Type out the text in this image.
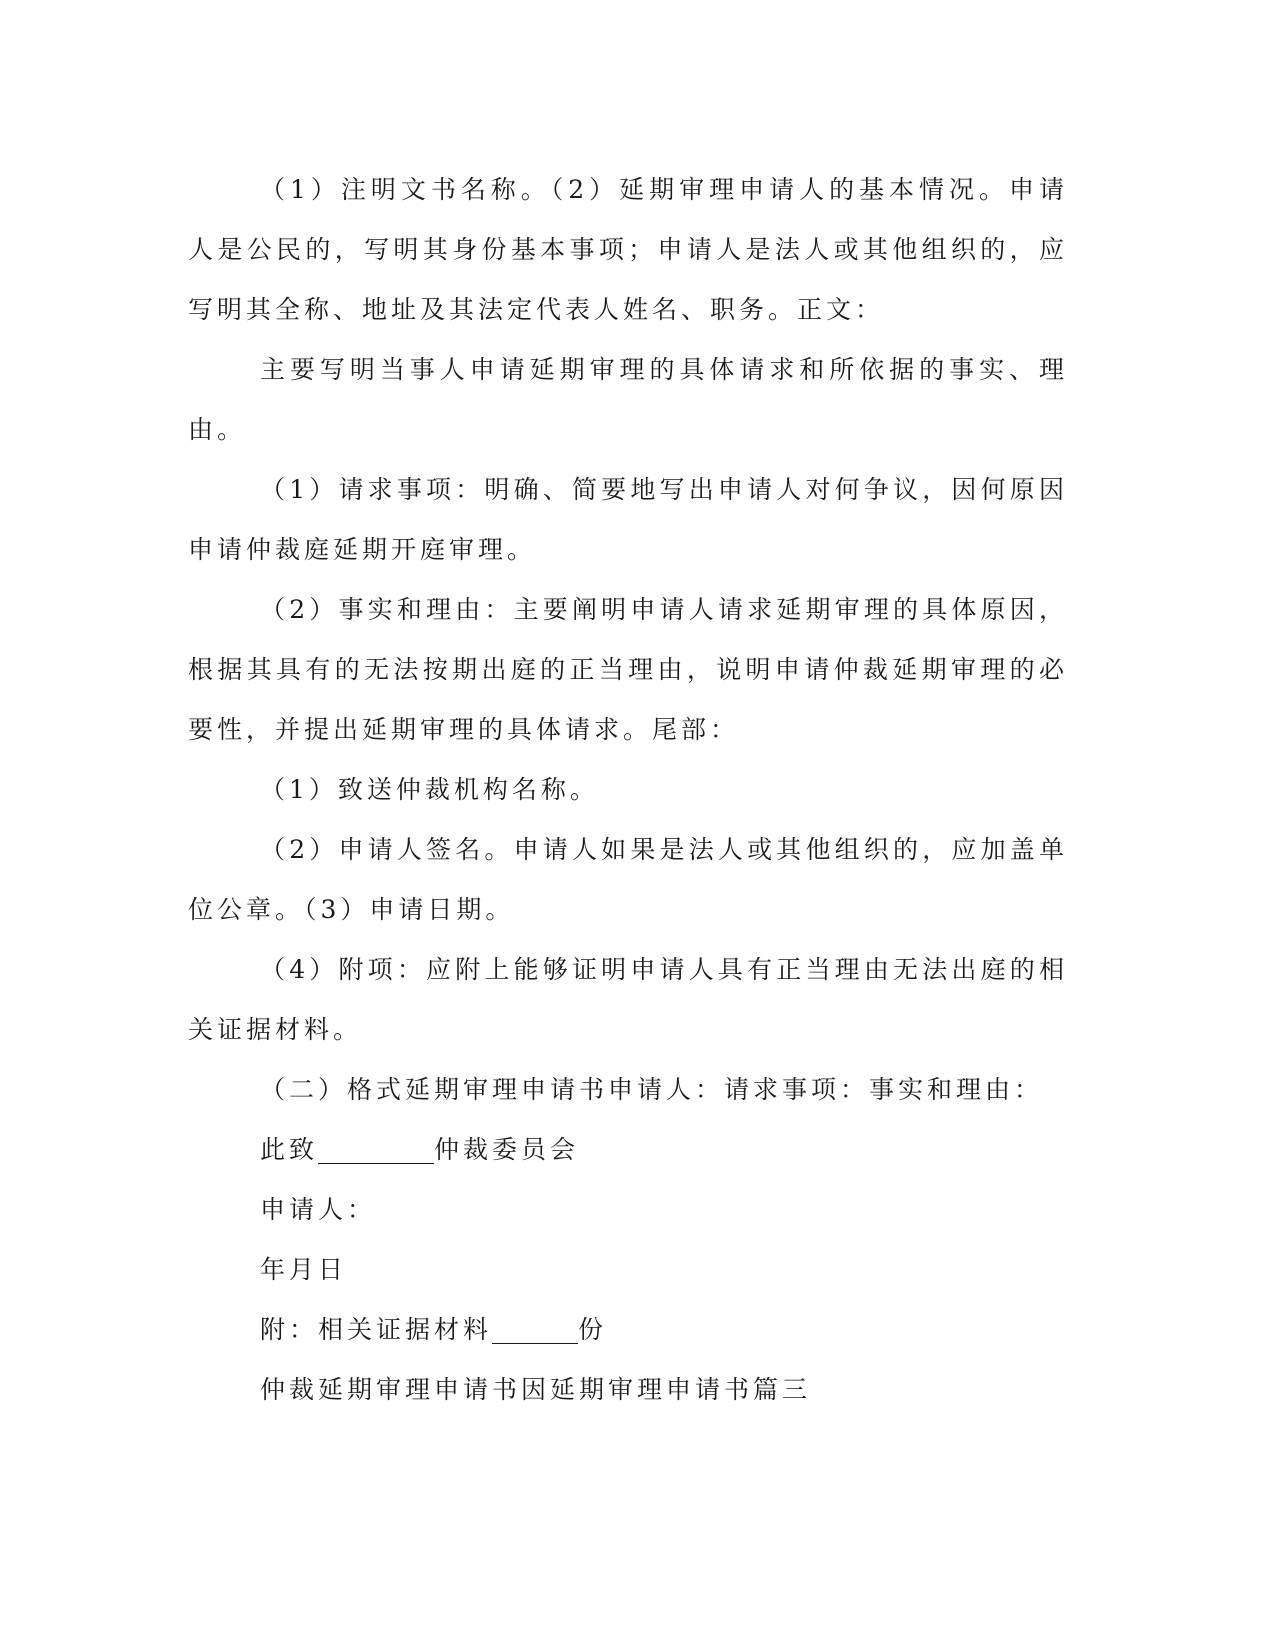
（1）注明文书名称。（2）延期审理申请人的基本情况。申请人是公民的，写明其身份基本事项；申请人是法人或其他组织的，应写明其全称、地址及其法定代表人姓名、职务。正文：

主要写明当事人申请延期审理的具体请求和所依据的事实、理由。

（1）请求事项：明确、简要地写出申请人对何争议，因何原因申请仲裁庭延期开庭审理。

（2）事实和理由：主要阐明申请人请求延期审理的具体原因，根据其具有的无法按期出庭的正当理由，说明申请仲裁延期审理的必要性，并提出延期审理的具体请求。尾部：

（1）致送仲裁机构名称。

（2）申请人签名。申请人如果是法人或其他组织的，应加盖单位公章。（3）申请日期。

（4）附项：应附上能够证明申请人具有正当理由无法出庭的相关证据材料。

（二）格式延期审理申请书申请人：请求事项：事实和理由：

此致	仲裁委员会

申请人：

年月日

附：相关证据材料	份

仲裁延期审理申请书因延期审理申请书篇三
